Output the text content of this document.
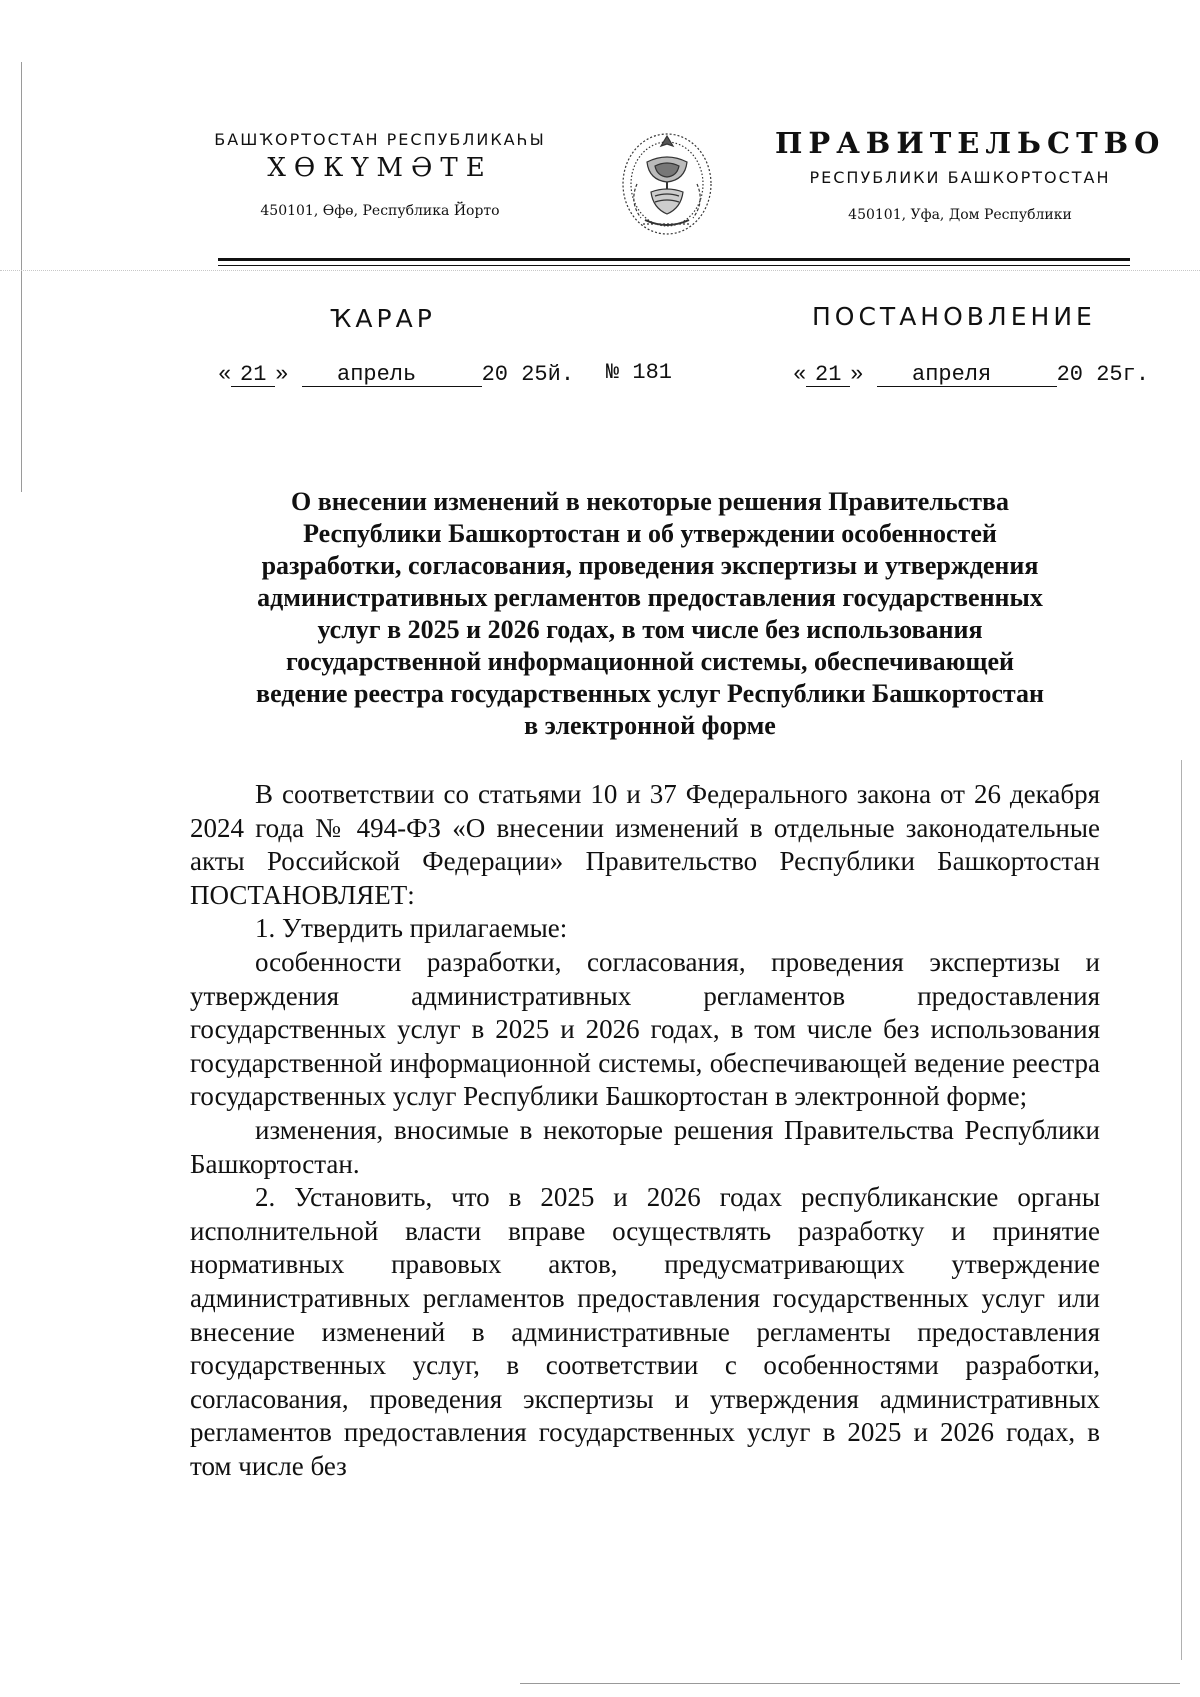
БАШҠОРТОСТАН РЕСПУБЛИКАҺЫ
ХӨКҮМӘТЕ
450101, Өфө, Республика Йорто
ПРАВИТЕЛЬСТВО
РЕСПУБЛИКИ БАШКОРТОСТАН
450101, Уфа, Дом Республики
ҠАРАР	ПОСТАНОВЛЕНИЕ
« 21 » апрель	20 25й. № 181	« 21 » апреля	20 25г.
О внесении изменений в некоторые решения Правительства
Республики Башкортостан и об утверждении особенностей
разработки, согласования, проведения экспертизы и утверждения
административных регламентов предоставления государственных
услуг в 2025 и 2026 годах, в том числе без использования
государственной информационной системы, обеспечивающей
ведение реестра государственных услуг Республики Башкортостан
в электронной форме

В соответствии со статьями 10 и 37 Федерального закона от 26 декабря 2024 года № 494-ФЗ «О внесении изменений в отдельные законодательные акты Российской Федерации» Правительство Республики Башкортостан ПОСТАНОВЛЯЕТ:

1. Утвердить прилагаемые:

особенности разработки, согласования, проведения экспертизы и утверждения административных регламентов предоставления государственных услуг в 2025 и 2026 годах, в том числе без использования государственной информационной системы, обеспечивающей ведение реестра государственных услуг Республики Башкортостан в электронной форме;

изменения, вносимые в некоторые решения Правительства Республики Башкортостан.

2. Установить, что в 2025 и 2026 годах республиканские органы исполнительной власти вправе осуществлять разработку и принятие нормативных правовых актов, предусматривающих утверждение административных регламентов предоставления государственных услуг или внесение изменений в административные регламенты предоставления государственных услуг, в соответствии с особенностями разработки, согласования, проведения экспертизы и утверждения административных регламентов предоставления государственных услуг в 2025 и 2026 годах, в том числе без
